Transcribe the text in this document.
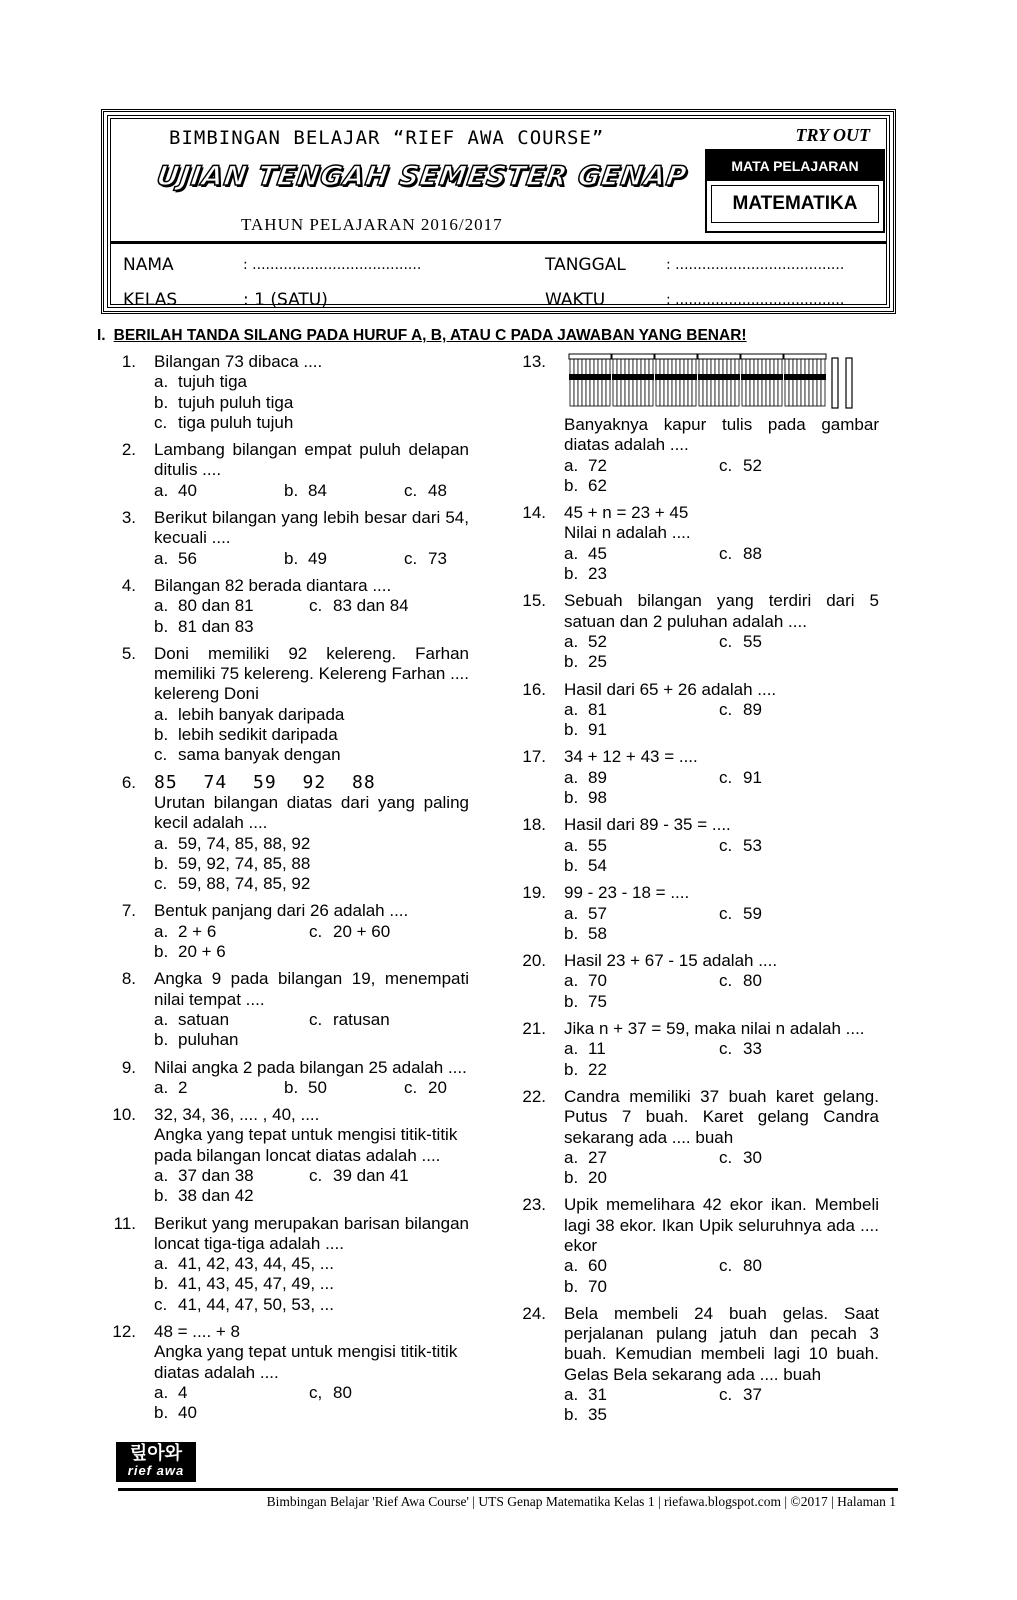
BIMBINGAN BELAJAR “RIEF AWA COURSE”	TRY OUT
UJIAN TENGAH SEMESTER GENAP
TAHUN PELAJARAN 2016/2017
MATA PELAJARAN
MATEMATIKA
NAMA	: ......................................
KELAS	: 1 (SATU)
TANGGAL	: ......................................
WAKTU	: ......................................
I. BERILAH TANDA SILANG PADA HURUF A, B, ATAU C PADA JAWABAN YANG BENAR!
1. Bilangan 73 dibaca ....
a. tujuh tiga
b. tujuh puluh tiga
c. tiga puluh tujuh
2. Lambang bilangan empat puluh delapan ditulis ....
a. 40	b. 84	c. 48
3. Berikut bilangan yang lebih besar dari 54, kecuali ....
a. 56	b. 49	c. 73
4. Bilangan 82 berada diantara ....
a. 80 dan 81	c. 83 dan 84
b. 81 dan 83
5. Doni memiliki 92 kelereng. Farhan memiliki 75 kelereng. Kelereng Farhan .... kelereng Doni
a. lebih banyak daripada
b. lebih sedikit daripada
c. sama banyak dengan
6. 85 74 59 92 88
Urutan bilangan diatas dari yang paling kecil adalah ....
a. 59, 74, 85, 88, 92
b. 59, 92, 74, 85, 88
c. 59, 88, 74, 85, 92
7. Bentuk panjang dari 26 adalah ....
a. 2 + 6	c. 20 + 60
b. 20 + 6
8. Angka 9 pada bilangan 19, menempati nilai tempat ....
a. satuan	c. ratusan
b. puluhan
9. Nilai angka 2 pada bilangan 25 adalah ....
a. 2	b. 50	c. 20
10. 32, 34, 36, .... , 40, ....
Angka yang tepat untuk mengisi titik-titik pada bilangan loncat diatas adalah ....
a. 37 dan 38	c. 39 dan 41
b. 38 dan 42
11. Berikut yang merupakan barisan bilangan loncat tiga-tiga adalah ....
a. 41, 42, 43, 44, 45, ...
b. 41, 43, 45, 47, 49, ...
c. 41, 44, 47, 50, 53, ...
12. 48 = .... + 8
Angka yang tepat untuk mengisi titik-titik diatas adalah ....
a. 4	c, 80
b. 40
13.
Banyaknya kapur tulis pada gambar diatas adalah ....
a. 72	c. 52
b. 62
14. 45 + n = 23 + 45
Nilai n adalah ....
a. 45	c. 88
b. 23
15. Sebuah bilangan yang terdiri dari 5 satuan dan 2 puluhan adalah ....
a. 52	c. 55
b. 25
16. Hasil dari 65 + 26 adalah ....
a. 81	c. 89
b. 91
17. 34 + 12 + 43 = ....
a. 89	c. 91
b. 98
18. Hasil dari 89 - 35 = ....
a. 55	c. 53
b. 54
19. 99 - 23 - 18 = ....
a. 57	c. 59
b. 58
20. Hasil 23 + 67 - 15 adalah ....
a. 70	c. 80
b. 75
21. Jika n + 37 = 59, maka nilai n adalah ....
a. 11	c. 33
b. 22
22. Candra memiliki 37 buah karet gelang. Putus 7 buah. Karet gelang Candra sekarang ada .... buah
a. 27	c. 30
b. 20
23. Upik memelihara 42 ekor ikan. Membeli lagi 38 ekor. Ikan Upik seluruhnya ada .... ekor
a. 60	c. 80
b. 70
24. Bela membeli 24 buah gelas. Saat perjalanan pulang jatuh dan pecah 3 buah. Kemudian membeli lagi 10 buah. Gelas Bela sekarang ada .... buah
a. 31	c. 37
b. 35
맆아와
rief awa
Bimbingan Belajar 'Rief Awa Course' | UTS Genap Matematika Kelas 1 | riefawa.blogspot.com | ©2017 | Halaman 1
